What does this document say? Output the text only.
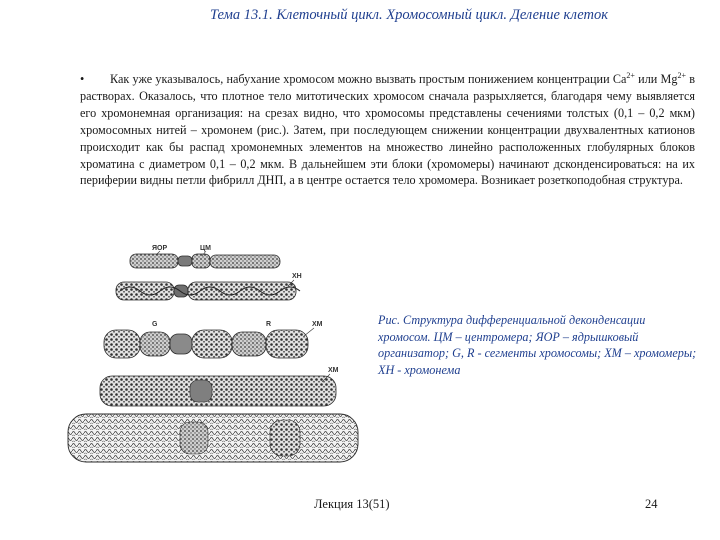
Тема 13.1. Клеточный цикл. Хромосомный цикл. Деление клеток
• Как уже указывалось, набухание хромосом можно вызвать простым понижением концентрации $Ca^{2+}$ или $Mg^{2+}$ в растворах. Оказалось, что плотное тело митотических хромосом сначала разрыхляется, благодаря чему выявляется его хромонемная организация: на срезах видно, что хромосомы представлены сечениями толстых (0,1 – 0,2 мкм) хромосомных нитей – хромонем (рис.). Затем, при последующем снижении концентрации двухвалентных катионов происходит как бы распад хромонемных элементов на множество линейно расположенных глобулярных блоков хроматина с диаметром 0,1 – 0,2 мкм. В дальнейшем эти блоки (хромомеры) начинают дсконденсироваться: на их периферии видны петли фибрилл ДНП, а в центре остается тело хромомера. Возникает розеткоподобная структура.
ЯОР	ЦМ
ХН
G	R	ХМ
ХМ
Рис. Структура дифференциальной деконденсации хромосом. ЦМ – центромера; ЯОР – ядрышковый организатор; G, R - сегменты хромосомы; ХМ – хромомеры; ХН - хромонема
Лекция 13(51)	24
